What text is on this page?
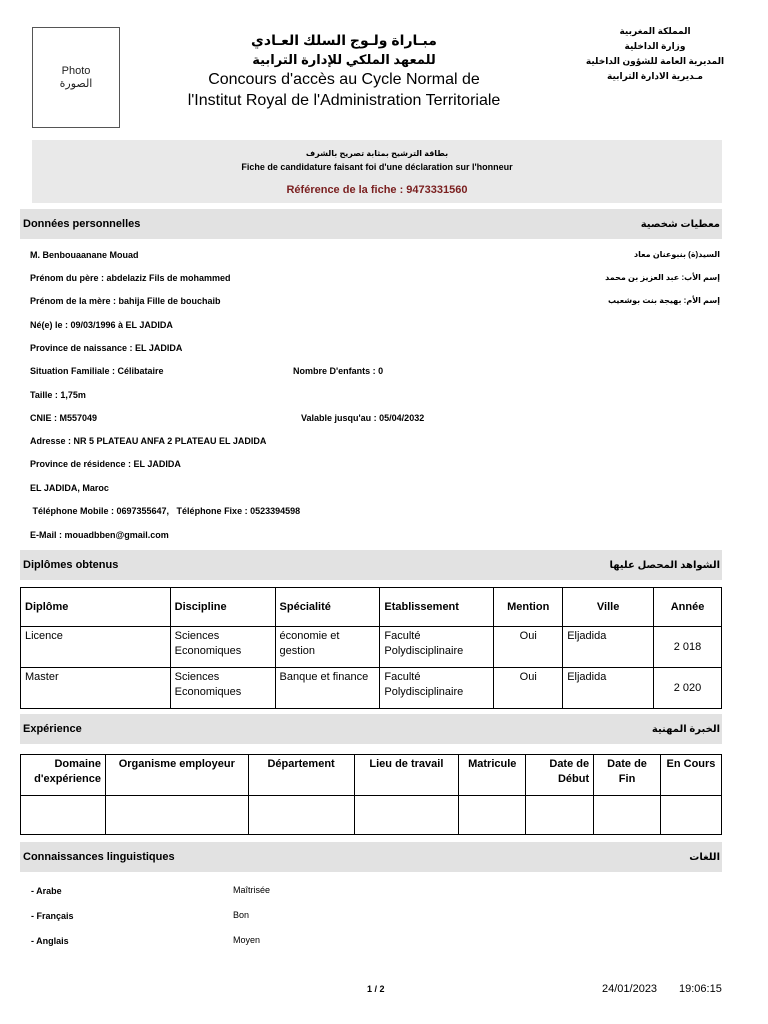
Photo
الصورة
مبـاراة ولـوج السلك العـادي
للمعهد الملكي للإدارة الترابية
Concours d'accès au Cycle Normal de
l'Institut Royal de l'Administration Territoriale
المملكة المغربية
وزارة الداخلية
المديرية العامة للشؤون الداخلية
مـديرية الادارة الترابية
بطاقة الترشيح بمثابة تصريح بالشرف
Fiche de candidature faisant foi d'une déclaration sur l'honneur
Référence de la fiche : 9473331560
Données personnelles	معطيات شخصية
M. Benbouaanane Mouad	السيد(ة) بنبوعنان معاد
Prénom du père : abdelaziz Fils de mohammed	إسم الأب: عبد العزيز بن محمد
Prénom de la mère : bahija Fille de bouchaib	إسم الأم: بهيجة بنت بوشعيب
Né(e) le : 09/03/1996 à EL JADIDA
Province de naissance : EL JADIDA
Situation Familiale : Célibataire	Nombre D'enfants : 0
Taille : 1,75m
CNIE : M557049	Valable jusqu'au : 05/04/2032
Adresse : NR 5 PLATEAU ANFA 2 PLATEAU EL JADIDA
Province de résidence : EL JADIDA
EL JADIDA, Maroc
Téléphone Mobile : 0697355647,   Téléphone Fixe : 0523394598
E-Mail : mouadbben@gmail.com
Diplômes obtenus	الشواهد المحصل عليها
Diplôme	Discipline	Spécialité	Etablissement	Mention	Ville	Année
Licence	Sciences Economiques	économie et gestion	Faculté Polydisciplinaire	Oui	Eljadida	2 018
Master	Sciences Economiques	Banque et finance	Faculté Polydisciplinaire	Oui	Eljadida	2 020
Expérience	الخبرة المهنية
Domaine d'expérience	Organisme employeur	Département	Lieu de travail	Matricule	Date de Début	Date de Fin	En Cours

Connaissances linguistiques	اللغات
- Arabe	Maîtrisée
- Français	Bon
- Anglais	Moyen
1 / 2	24/01/2023 19:06:15
